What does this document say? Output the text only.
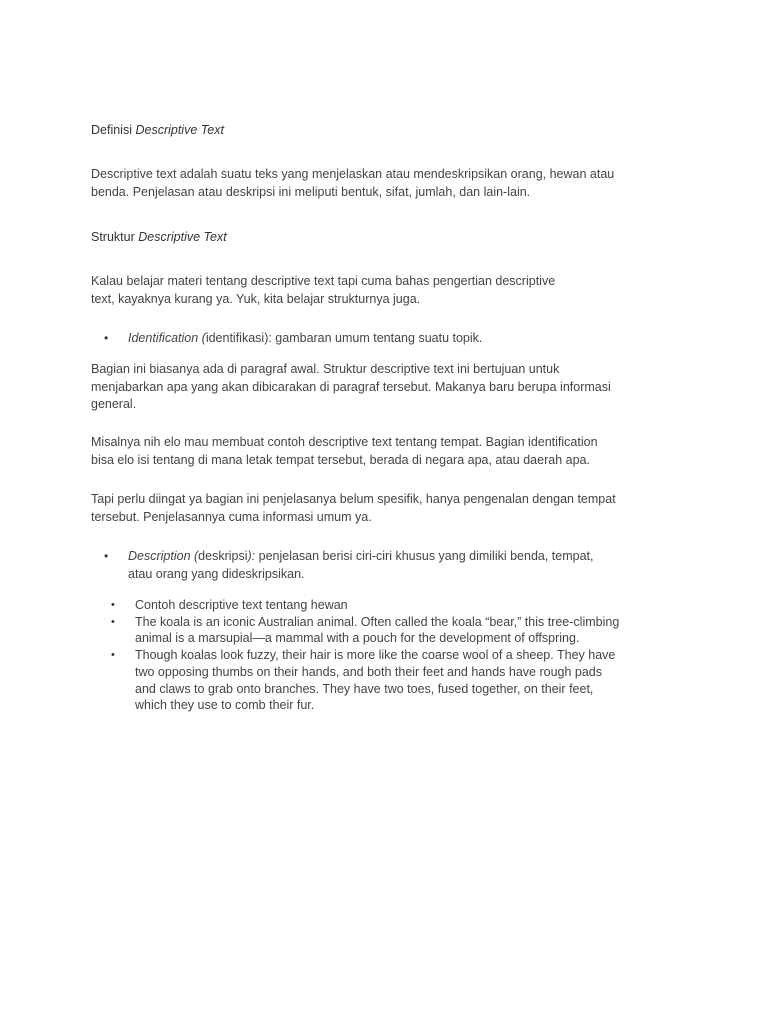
Definisi Descriptive Text
Descriptive text adalah suatu teks yang menjelaskan atau mendeskripsikan orang, hewan atau
benda. Penjelasan atau deskripsi ini meliputi bentuk, sifat, jumlah, dan lain-lain.
Struktur Descriptive Text
Kalau belajar materi tentang descriptive text tapi cuma bahas pengertian descriptive
text, kayaknya kurang ya. Yuk, kita belajar strukturnya juga.
• Identification (identifikasi): gambaran umum tentang suatu topik.
Bagian ini biasanya ada di paragraf awal. Struktur descriptive text ini bertujuan untuk
menjabarkan apa yang akan dibicarakan di paragraf tersebut. Makanya baru berupa informasi
general.
Misalnya nih elo mau membuat contoh descriptive text tentang tempat. Bagian identification
bisa elo isi tentang di mana letak tempat tersebut, berada di negara apa, atau daerah apa.
Tapi perlu diingat ya bagian ini penjelasanya belum spesifik, hanya pengenalan dengan tempat
tersebut. Penjelasannya cuma informasi umum ya.
• Description (deskripsi): penjelasan berisi ciri-ciri khusus yang dimiliki benda, tempat,
atau orang yang dideskripsikan.
• Contoh descriptive text tentang hewan
• The koala is an iconic Australian animal. Often called the koala “bear,” this tree-climbing
animal is a marsupial—a mammal with a pouch for the development of offspring.
• Though koalas look fuzzy, their hair is more like the coarse wool of a sheep. They have
two opposing thumbs on their hands, and both their feet and hands have rough pads
and claws to grab onto branches. They have two toes, fused together, on their feet,
which they use to comb their fur.
